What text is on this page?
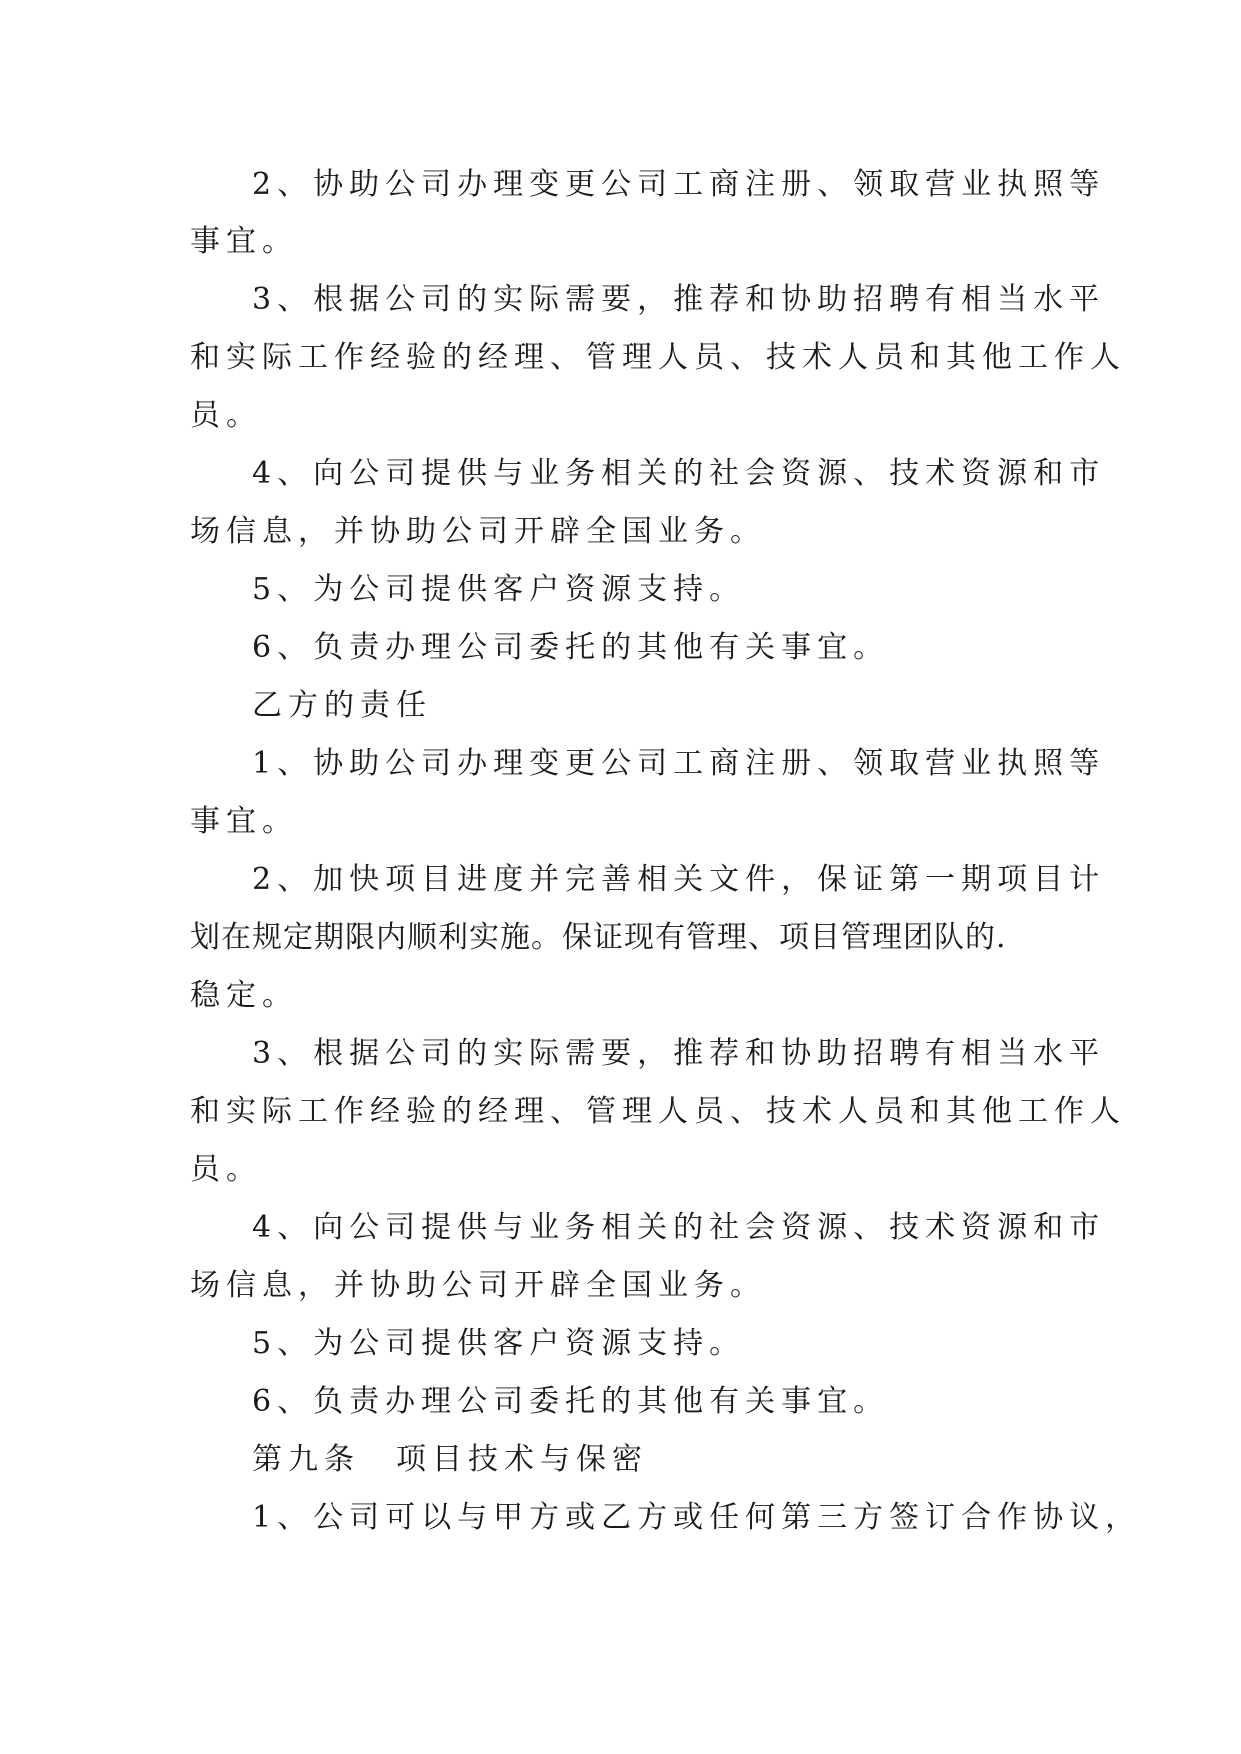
2、协助公司办理变更公司工商注册、领取营业执照等
事宜。
3、根据公司的实际需要，推荐和协助招聘有相当水平
和实际工作经验的经理、管理人员、技术人员和其他工作人
员。
4、向公司提供与业务相关的社会资源、技术资源和市
场信息，并协助公司开辟全国业务。
5、为公司提供客户资源支持。
6、负责办理公司委托的其他有关事宜。
乙方的责任
1、协助公司办理变更公司工商注册、领取营业执照等
事宜。
2、加快项目进度并完善相关文件，保证第一期项目计
划在规定期限内顺利实施。保证现有管理、项目管理团队的.
稳定。
3、根据公司的实际需要，推荐和协助招聘有相当水平
和实际工作经验的经理、管理人员、技术人员和其他工作人
员。
4、向公司提供与业务相关的社会资源、技术资源和市
场信息，并协助公司开辟全国业务。
5、为公司提供客户资源支持。
6、负责办理公司委托的其他有关事宜。
第九条　项目技术与保密
1、公司可以与甲方或乙方或任何第三方签订合作协议，
